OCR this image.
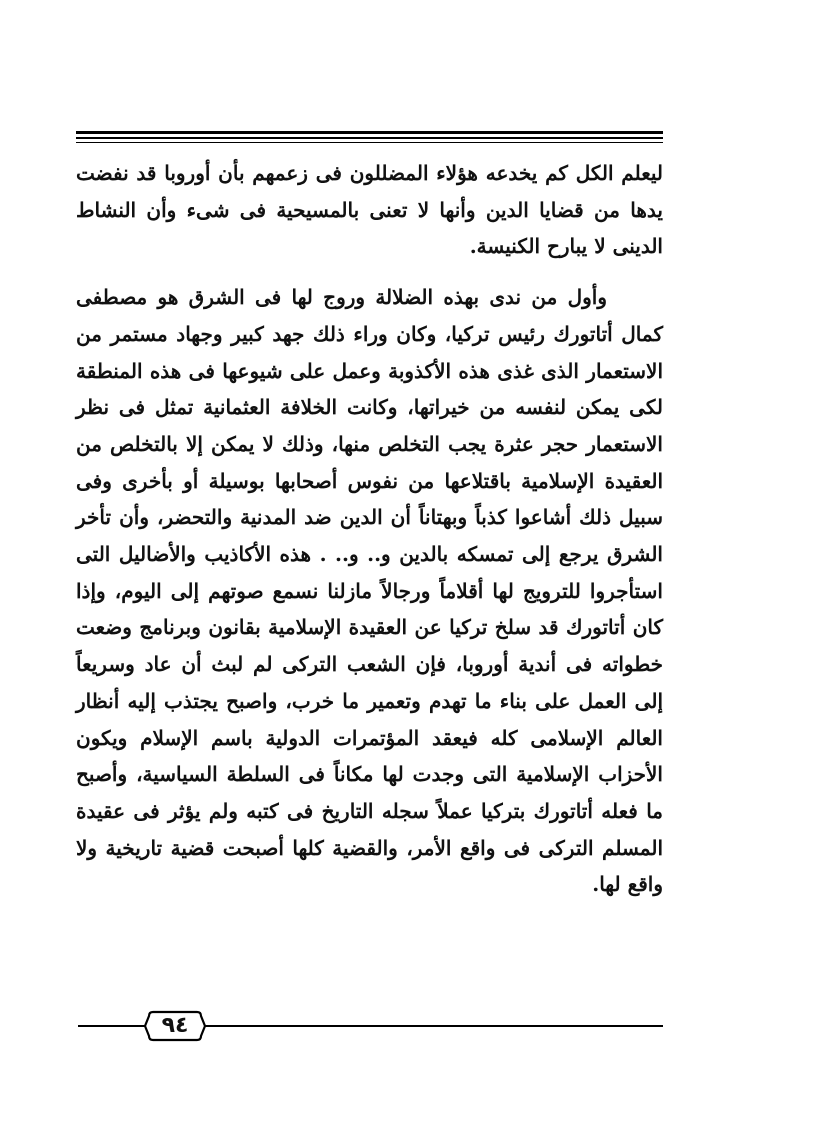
ليعلم الكل كم يخدعه هؤلاء المضللون فى زعمهم بأن أوروبا قد نفضت يدها من قضايا الدين وأنها لا تعنى بالمسيحية فى شىء وأن النشاط الدينى لا يبارح الكنيسة.

وأول من ندى بهذه الضلالة وروج لها فى الشرق هو مصطفى كمال أتاتورك رئيس تركيا، وكان وراء ذلك جهد كبير وجهاد مستمر من الاستعمار الذى غذى هذه الأكذوبة وعمل على شيوعها فى هذه المنطقة لكى يمكن لنفسه من خيراتها، وكانت الخلافة العثمانية تمثل فى نظر الاستعمار حجر عثرة يجب التخلص منها، وذلك لا يمكن إلا بالتخلص من العقيدة الإسلامية باقتلاعها من نفوس أصحابها بوسيلة أو بأخرى وفى سبيل ذلك أشاعوا كذباً وبهتاناً أن الدين ضد المدنية والتحضر، وأن تأخر الشرق يرجع إلى تمسكه بالدين و.. و.. . هذه الأكاذيب والأضاليل التى استأجروا للترويج لها أقلاماً ورجالاً مازلنا نسمع صوتهم إلى اليوم، وإذا كان أتاتورك قد سلخ تركيا عن العقيدة الإسلامية بقانون وبرنامج وضعت خطواته فى أندية أوروبا، فإن الشعب التركى لم لبث أن عاد وسريعاً إلى العمل على بناء ما تهدم وتعمير ما خرب، واصبح يجتذب إليه أنظار العالم الإسلامى كله فيعقد المؤتمرات الدولية باسم الإسلام ويكون الأحزاب الإسلامية التى وجدت لها مكاناً فى السلطة السياسية، وأصبح ما فعله أتاتورك بتركيا عملاً سجله التاريخ فى كتبه ولم يؤثر فى عقيدة المسلم التركى فى واقع الأمر، والقضية كلها أصبحت قضية تاريخية ولا واقع لها.

٩٤
